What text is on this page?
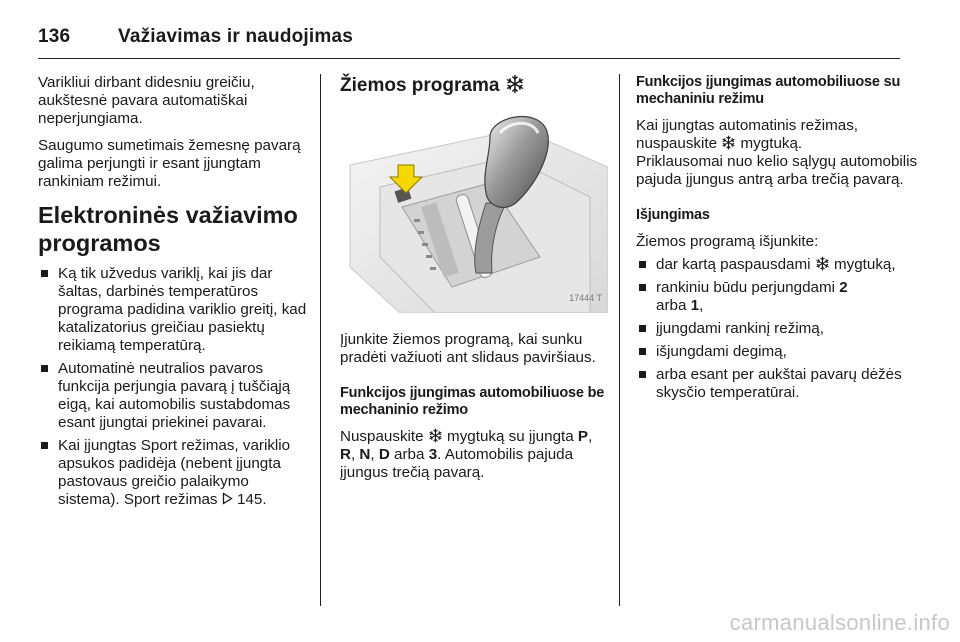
136	Važiavimas ir naudojimas

Varikliui dirbant didesniu greičiu, aukštesnė pavara automatiškai neperjungiama.

Saugumo sumetimais žemesnę pavarą galima perjungti ir esant įjungtam rankiniam režimui.

Elektroninės važiavimo programos
Ką tik užvedus variklį, kai jis dar šaltas, darbinės temperatūros programa padidina variklio greitį, kad katalizatorius greičiau pasiektų reikiamą temperatūrą.
Automatinė neutralios pavaros funkcija perjungia pavarą į tuščiąją eigą, kai automobilis sustabdomas esant įjungtai priekinei pavarai.
Kai įjungtas Sport režimas, variklio apsukos padidėja (nebent įjungta pastovaus greičio palaikymo sistema). Sport režimas 145.
Žiemos programa
17444 T

Įjunkite žiemos programą, kai sunku pradėti važiuoti ant slidaus paviršiaus.

Funkcijos įjungimas automobiliuose be mechaninio režimo

Nuspauskite mygtuką su įjungta P, R, N, D arba 3. Automobilis pajuda įjungus trečią pavarą.

Funkcijos įjungimas automobiliuose su mechaniniu režimu

Kai įjungtas automatinis režimas, nuspauskite mygtuką.
Priklausomai nuo kelio sąlygų automobilis pajuda įjungus antrą arba trečią pavarą.

Išjungimas

Žiemos programą išjunkite:

dar kartą paspausdami mygtuką,
rankiniu būdu perjungdami 2
arba 1,
įjungdami rankinį režimą,
išjungdami degimą,
arba esant per aukštai pavarų dėžės skysčio temperatūrai.
carmanualsonline.info
